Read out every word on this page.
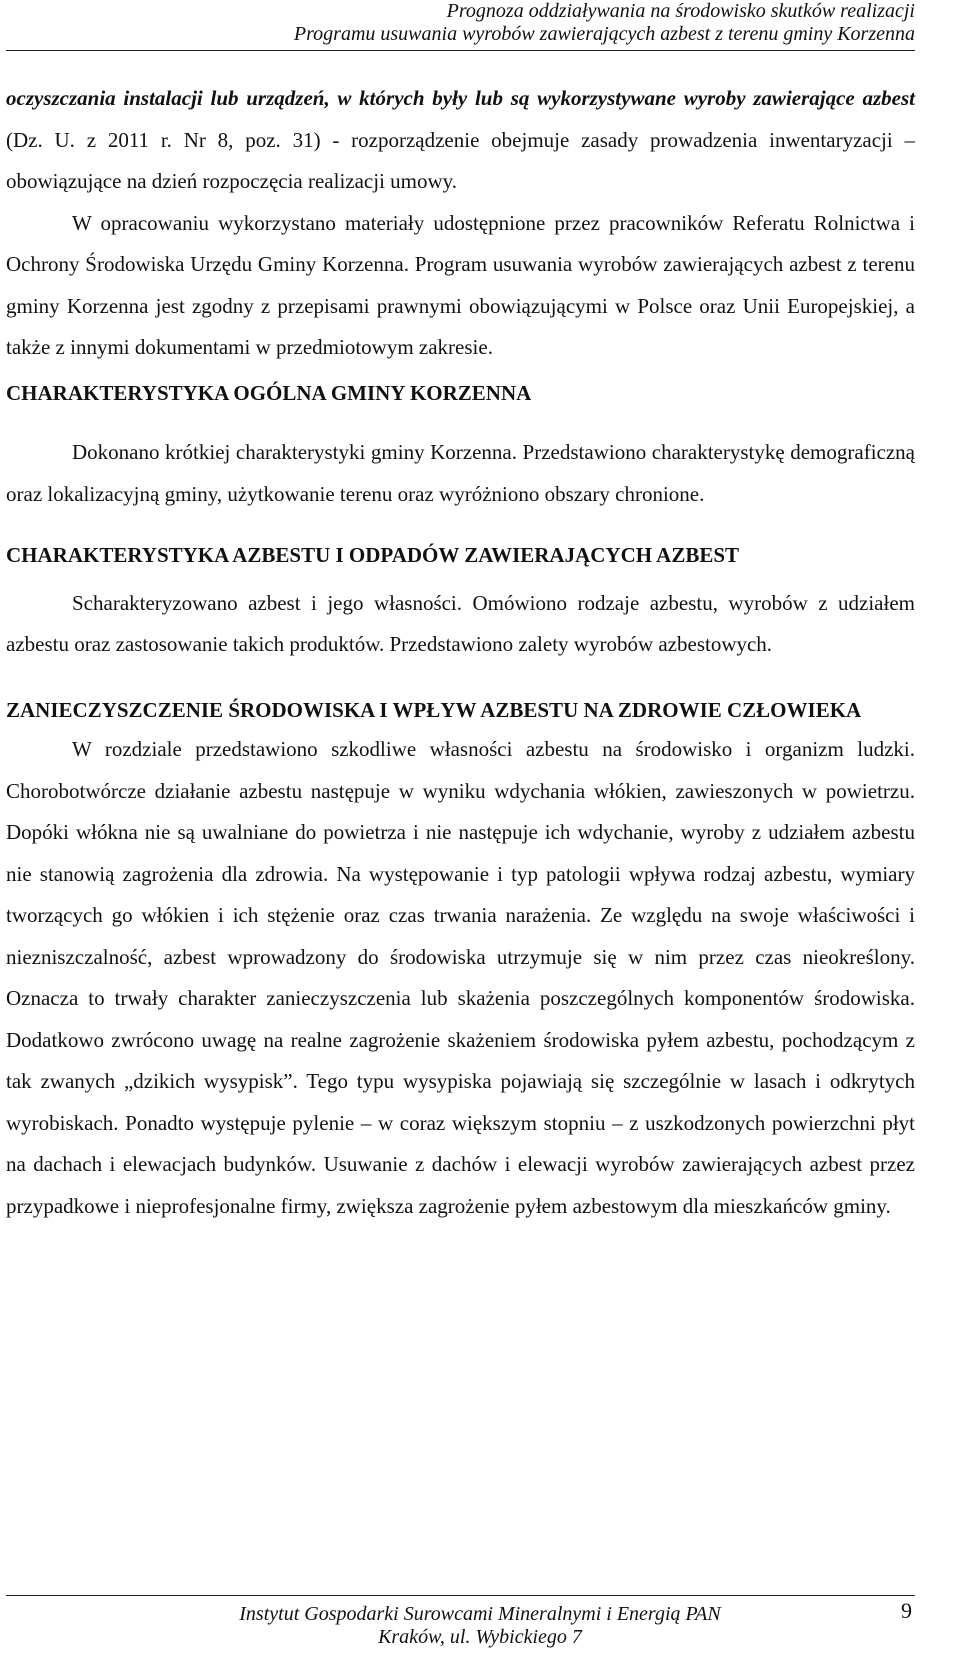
Prognoza oddziaływania na środowisko skutków realizacji
Programu usuwania wyrobów zawierających azbest z terenu gminy Korzenna

oczyszczania instalacji lub urządzeń, w których były lub są wykorzystywane wyroby zawierające azbest (Dz. U. z 2011 r. Nr 8, poz. 31) - rozporządzenie obejmuje zasady prowadzenia inwentaryzacji – obowiązujące na dzień rozpoczęcia realizacji umowy.

W opracowaniu wykorzystano materiały udostępnione przez pracowników Referatu Rolnictwa i Ochrony Środowiska Urzędu Gminy Korzenna. Program usuwania wyrobów zawierających azbest z terenu gminy Korzenna jest zgodny z przepisami prawnymi obowiązującymi w Polsce oraz Unii Europejskiej, a także z innymi dokumentami w przedmiotowym zakresie.

CHARAKTERYSTYKA OGÓLNA GMINY KORZENNA

Dokonano krótkiej charakterystyki gminy Korzenna. Przedstawiono charakterystykę demograficzną oraz lokalizacyjną gminy, użytkowanie terenu oraz wyróżniono obszary chronione.

CHARAKTERYSTYKA AZBESTU I ODPADÓW ZAWIERAJĄCYCH AZBEST

Scharakteryzowano azbest i jego własności. Omówiono rodzaje azbestu, wyrobów z udziałem azbestu oraz zastosowanie takich produktów. Przedstawiono zalety wyrobów azbestowych.

ZANIECZYSZCZENIE ŚRODOWISKA I WPŁYW AZBESTU NA ZDROWIE CZŁOWIEKA

W rozdziale przedstawiono szkodliwe własności azbestu na środowisko i organizm ludzki. Chorobotwórcze działanie azbestu następuje w wyniku wdychania włókien, zawieszonych w powietrzu. Dopóki włókna nie są uwalniane do powietrza i nie następuje ich wdychanie, wyroby z udziałem azbestu nie stanowią zagrożenia dla zdrowia. Na występowanie i typ patologii wpływa rodzaj azbestu, wymiary tworzących go włókien i ich stężenie oraz czas trwania narażenia. Ze względu na swoje właściwości i niezniszczalność, azbest wprowadzony do środowiska utrzymuje się w nim przez czas nieokreślony. Oznacza to trwały charakter zanieczyszczenia lub skażenia poszczególnych komponentów środowiska. Dodatkowo zwrócono uwagę na realne zagrożenie skażeniem środowiska pyłem azbestu, pochodzącym z tak zwanych „dzikich wysypisk”. Tego typu wysypiska pojawiają się szczególnie w lasach i odkrytych wyrobiskach. Ponadto występuje pylenie – w coraz większym stopniu – z uszkodzonych powierzchni płyt na dachach i elewacjach budynków. Usuwanie z dachów i elewacji wyrobów zawierających azbest przez przypadkowe i nieprofesjonalne firmy, zwiększa zagrożenie pyłem azbestowym dla mieszkańców gminy.

Instytut Gospodarki Surowcami Mineralnymi i Energią PAN
Kraków, ul. Wybickiego 7
9
